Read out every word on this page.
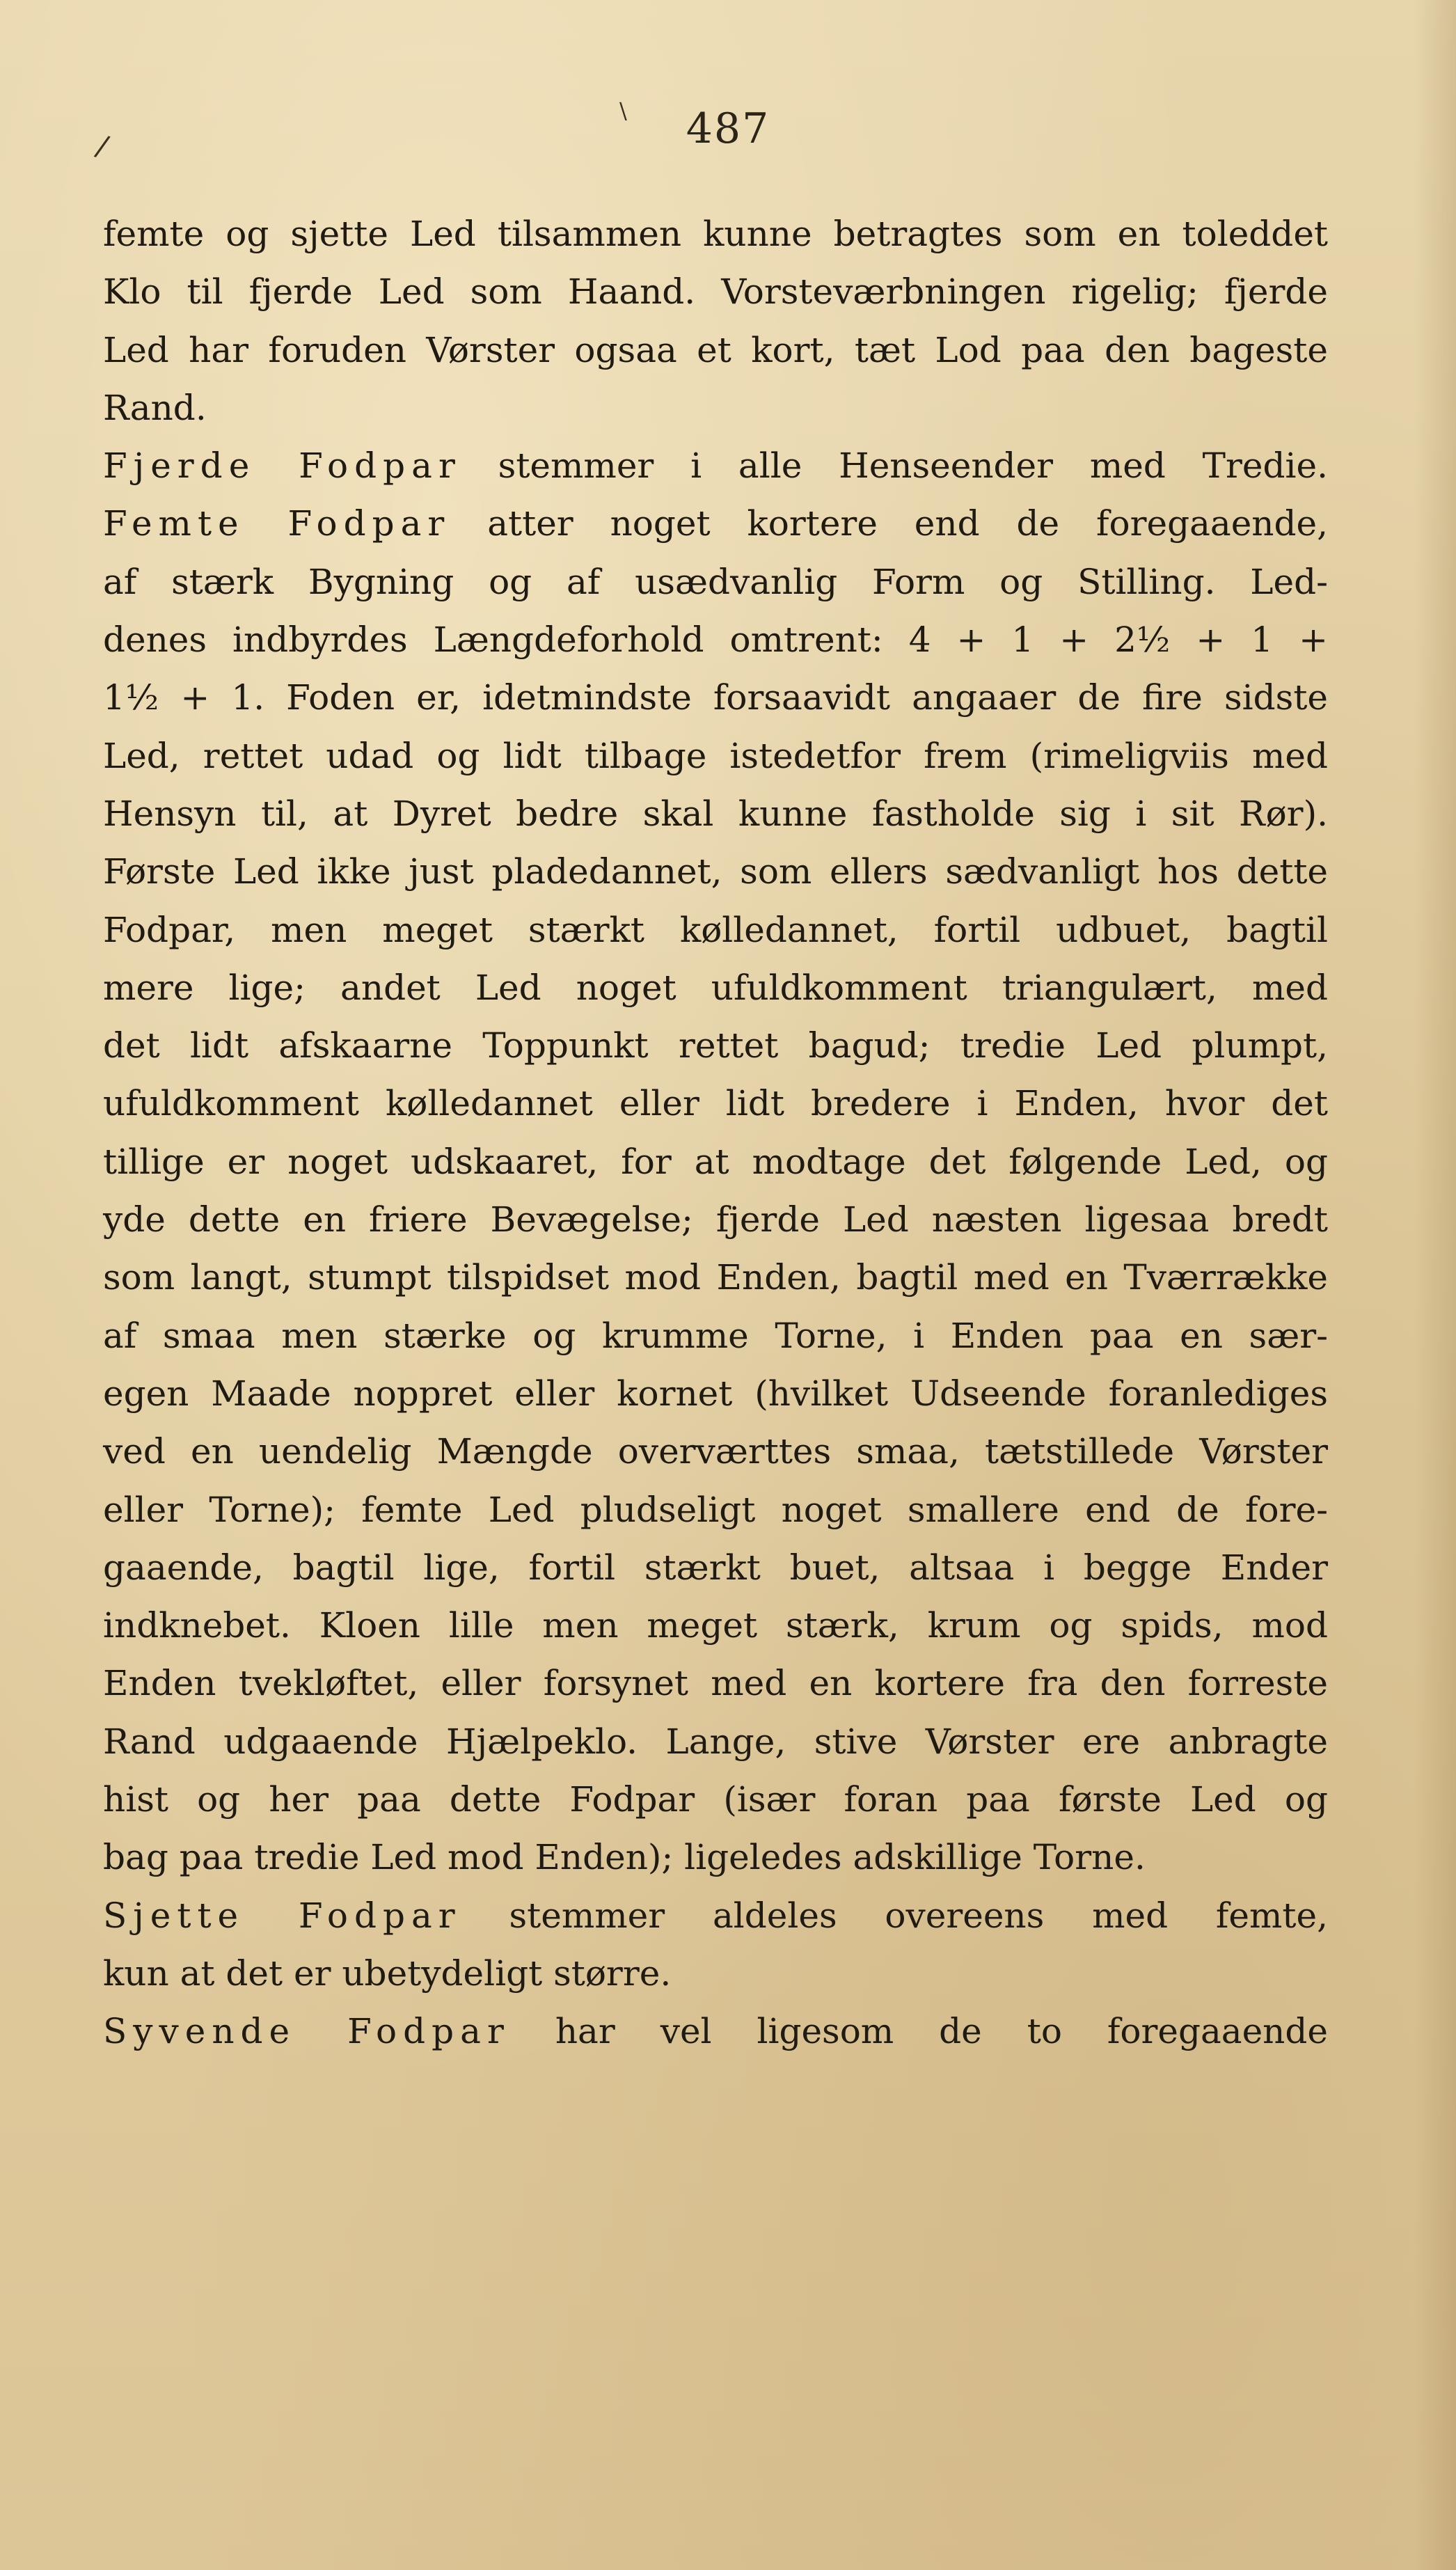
/
\	487
femte og sjette Led tilsammen kunne betragtes som en toleddet
Klo til fjerde Led som Haand. Vorsteværbningen rigelig; fjerde
Led har foruden Vørster ogsaa et kort, tæt Lod paa den bageste
Rand.
Fjerde Fodpar stemmer i alle Henseender med Tredie.
Femte Fodpar atter noget kortere end de foregaaende,
af stærk Bygning og af usædvanlig Form og Stilling. Led-
denes indbyrdes Længdeforhold omtrent: 4 + 1 + 2½ + 1 +
1½ + 1. Foden er, idetmindste forsaavidt angaaer de fire sidste
Led, rettet udad og lidt tilbage istedetfor frem (rimeligviis med
Hensyn til, at Dyret bedre skal kunne fastholde sig i sit Rør).
Første Led ikke just pladedannet, som ellers sædvanligt hos dette
Fodpar, men meget stærkt kølledannet, fortil udbuet, bagtil
mere lige; andet Led noget ufuldkomment triangulært, med
det lidt afskaarne Toppunkt rettet bagud; tredie Led plumpt,
ufuldkomment kølledannet eller lidt bredere i Enden, hvor det
tillige er noget udskaaret, for at modtage det følgende Led, og
yde dette en friere Bevægelse; fjerde Led næsten ligesaa bredt
som langt, stumpt tilspidset mod Enden, bagtil med en Tværrække
af smaa men stærke og krumme Torne, i Enden paa en sær-
egen Maade noppret eller kornet (hvilket Udseende foranlediges
ved en uendelig Mængde overværttes smaa, tætstillede Vørster
eller Torne); femte Led pludseligt noget smallere end de fore-
gaaende, bagtil lige, fortil stærkt buet, altsaa i begge Ender
indknebet. Kloen lille men meget stærk, krum og spids, mod
Enden tvekløftet, eller forsynet med en kortere fra den forreste
Rand udgaaende Hjælpeklo. Lange, stive Vørster ere anbragte
hist og her paa dette Fodpar (især foran paa første Led og
bag paa tredie Led mod Enden); ligeledes adskillige Torne.
Sjette Fodpar stemmer aldeles overeens med femte,
kun at det er ubetydeligt større.
Syvende Fodpar har vel ligesom de to foregaaende
